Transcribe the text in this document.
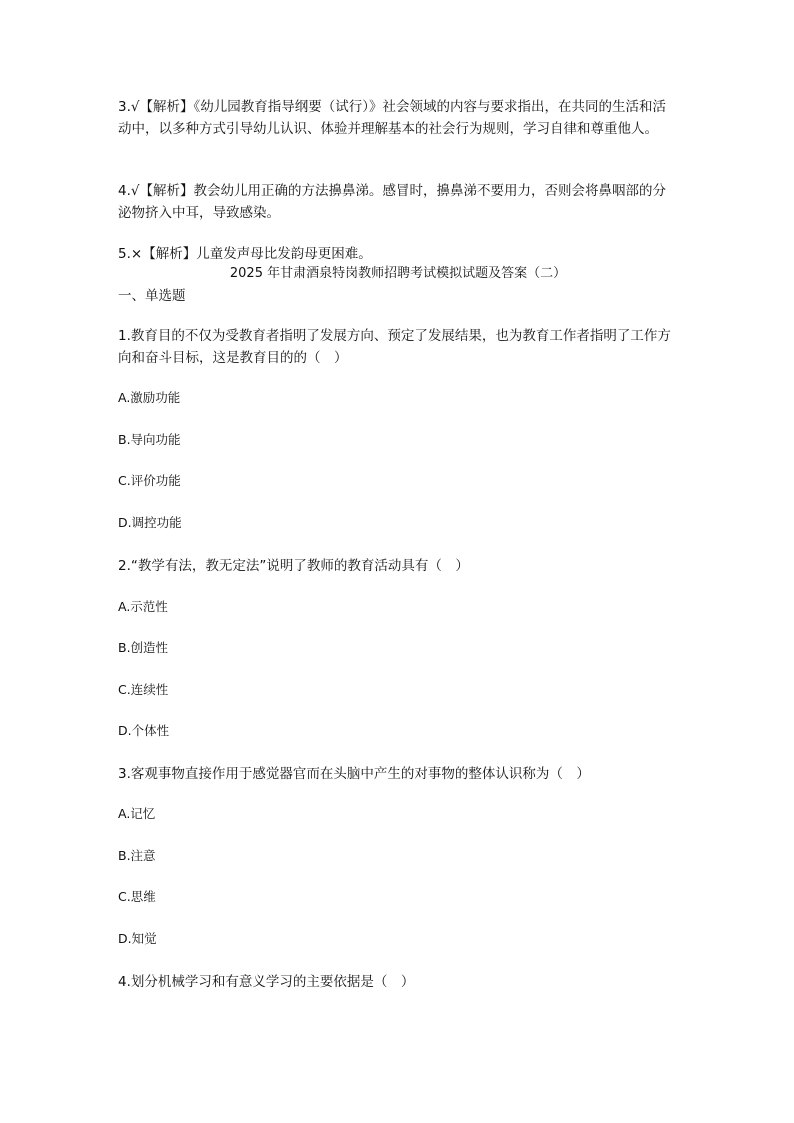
3.√【解析】《幼儿园教育指导纲要（试行）》社会领域的内容与要求指出，在共同的生活和活动中，以多种方式引导幼儿认识、体验并理解基本的社会行为规则，学习自律和尊重他人。

4.√【解析】教会幼儿用正确的方法擤鼻涕。感冒时，擤鼻涕不要用力，否则会将鼻咽部的分泌物挤入中耳，导致感染。

5.×【解析】儿童发声母比发韵母更困难。

2025 年甘肃酒泉特岗教师招聘考试模拟试题及答案（二）

一、单选题

1.教育目的不仅为受教育者指明了发展方向、预定了发展结果，也为教育工作者指明了工作方向和奋斗目标，这是教育目的的（　）

A.激励功能

B.导向功能

C.评价功能

D.调控功能

2.“教学有法，教无定法”说明了教师的教育活动具有（　）

A.示范性

B.创造性

C.连续性

D.个体性

3.客观事物直接作用于感觉器官而在头脑中产生的对事物的整体认识称为（　）

A.记忆

B.注意

C.思维

D.知觉

4.划分机械学习和有意义学习的主要依据是（　）
